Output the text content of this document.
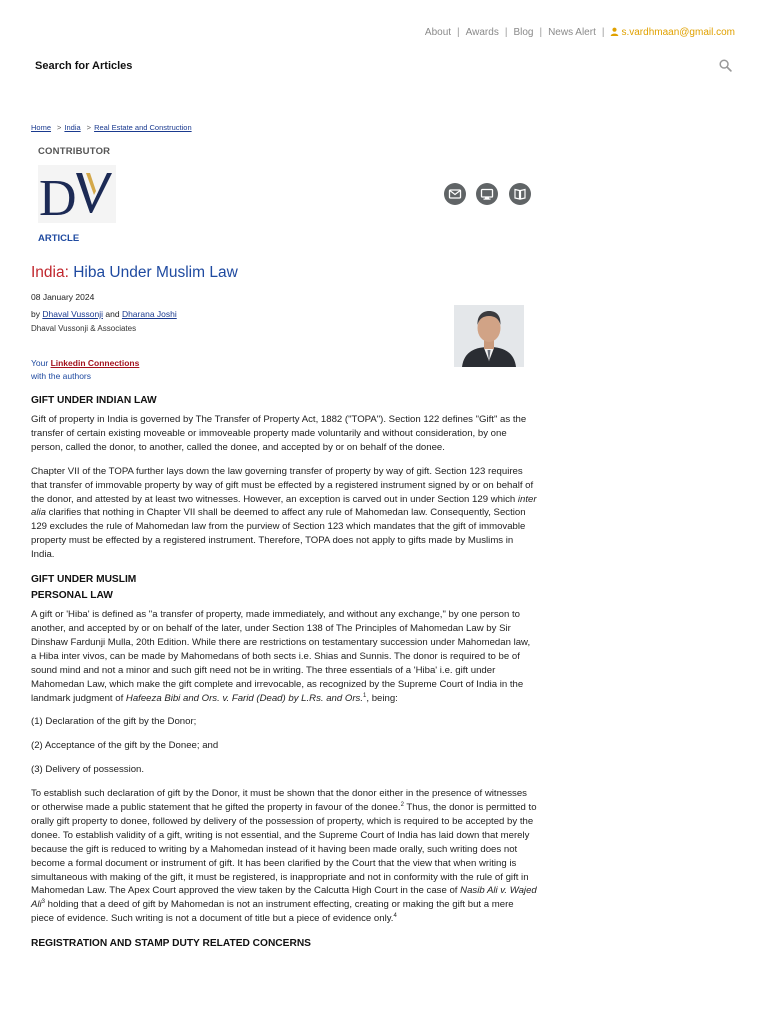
About | Awards | Blog | News Alert | s.vardhmaan@gmail.com
Search for Articles
Home > India > Real Estate and Construction
CONTRIBUTOR
D

ARTICLE
India: Hiba Under Muslim Law
08 January 2024
by Dhaval Vussonji and Dharana Joshi
Dhaval Vussonji & Associates
Your Linkedin Connections
with the authors
GIFT UNDER INDIAN LAW

Gift of property in India is governed by The Transfer of Property Act, 1882 ("TOPA"). Section 122 defines "Gift" as the transfer of certain existing moveable or immoveable property made voluntarily and without consideration, by one person, called the donor, to another, called the donee, and accepted by or on behalf of the donee.

Chapter VII of the TOPA further lays down the law governing transfer of property by way of gift. Section 123 requires that transfer of immovable property by way of gift must be effected by a registered instrument signed by or on behalf of the donor, and attested by at least two witnesses. However, an exception is carved out in under Section 129 which inter alia clarifies that nothing in Chapter VII shall be deemed to affect any rule of Mahomedan law. Consequently, Section 129 excludes the rule of Mahomedan law from the purview of Section 123 which mandates that the gift of immovable property must be effected by a registered instrument. Therefore, TOPA does not apply to gifts made by Muslims in India.

GIFT UNDER MUSLIM
PERSONAL LAW

A gift or 'Hiba' is defined as "a transfer of property, made immediately, and without any exchange," by one person to another, and accepted by or on behalf of the later, under Section 138 of The Principles of Mahomedan Law by Sir Dinshaw Fardunji Mulla, 20th Edition. While there are restrictions on testamentary succession under Mahomedan law, a Hiba inter vivos, can be made by Mahomedans of both sects i.e. Shias and Sunnis. The donor is required to be of sound mind and not a minor and such gift need not be in writing. The three essentials of a 'Hiba' i.e. gift under Mahomedan Law, which make the gift complete and irrevocable, as recognized by the Supreme Court of India in the landmark judgment of Hafeeza Bibi and Ors. v. Farid (Dead) by L.Rs. and Ors.$^1$, being:

(1) Declaration of the gift by the Donor;

(2) Acceptance of the gift by the Donee; and

(3) Delivery of possession.

To establish such declaration of gift by the Donor, it must be shown that the donor either in the presence of witnesses or otherwise made a public statement that he gifted the property in favour of the donee.$^2$ Thus, the donor is permitted to orally gift property to donee, followed by delivery of the possession of property, which is required to be accepted by the donee. To establish validity of a gift, writing is not essential, and the Supreme Court of India has laid down that merely because the gift is reduced to writing by a Mahomedan instead of it having been made orally, such writing does not become a formal document or instrument of gift. It has been clarified by the Court that the view that when writing is simultaneous with making of the gift, it must be registered, is inappropriate and not in conformity with the rule of gift in Mahomedan Law. The Apex Court approved the view taken by the Calcutta High Court in the case of Nasib Ali v. Wajed Ali$^3$ holding that a deed of gift by Mahomedan is not an instrument effecting, creating or making the gift but a mere piece of evidence. Such writing is not a document of title but a piece of evidence only.$^4$

REGISTRATION AND STAMP DUTY RELATED CONCERNS
